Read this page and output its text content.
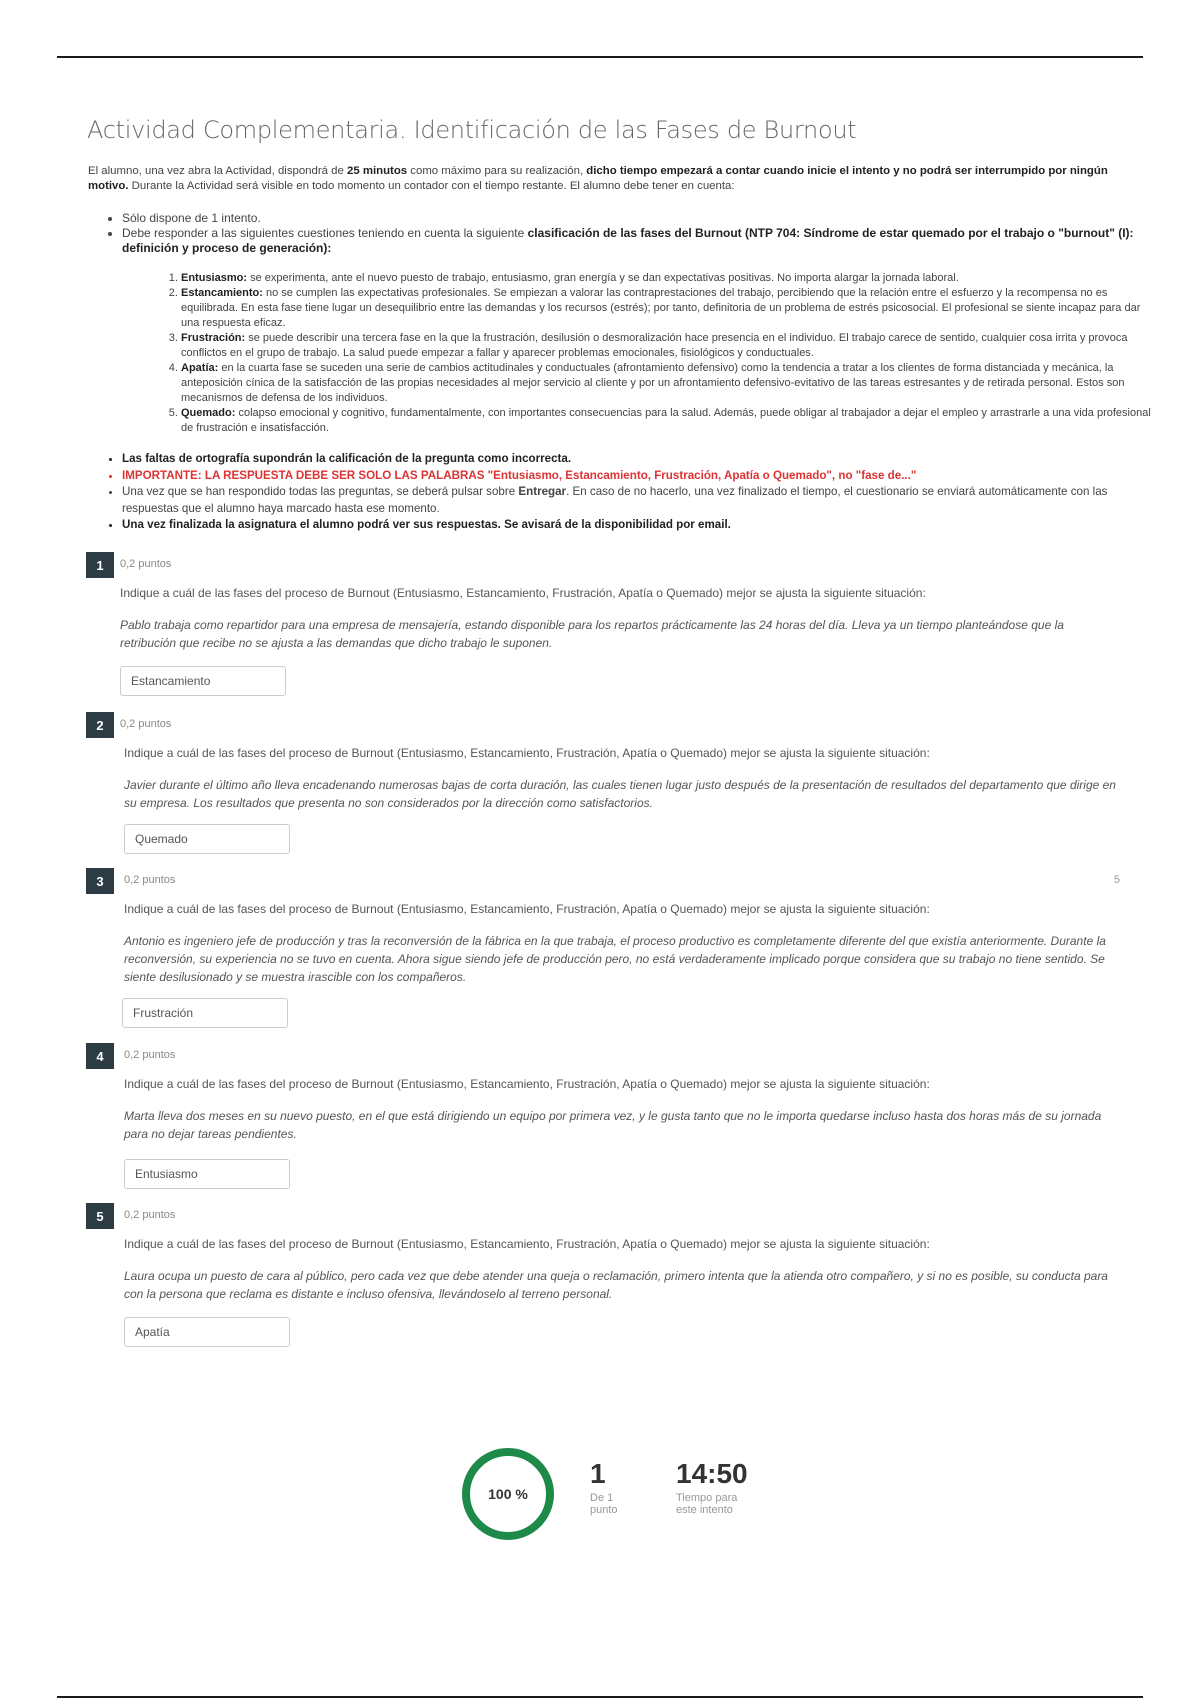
Actividad Complementaria. Identificación de las Fases de Burnout
El alumno, una vez abra la Actividad, dispondrá de 25 minutos como máximo para su realización, dicho tiempo empezará a contar cuando inicie el intento y no podrá ser interrumpido por ningún motivo. Durante la Actividad será visible en todo momento un contador con el tiempo restante. El alumno debe tener en cuenta:
• Sólo dispone de 1 intento.
• Debe responder a las siguientes cuestiones teniendo en cuenta la siguiente clasificación de las fases del Burnout (NTP 704: Síndrome de estar quemado por el trabajo o "burnout" (I): definición y proceso de generación):
1. Entusiasmo: se experimenta, ante el nuevo puesto de trabajo, entusiasmo, gran energía y se dan expectativas positivas. No importa alargar la jornada laboral.
2. Estancamiento: no se cumplen las expectativas profesionales. Se empiezan a valorar las contraprestaciones del trabajo, percibiendo que la relación entre el esfuerzo y la recompensa no es equilibrada. En esta fase tiene lugar un desequilibrio entre las demandas y los recursos (estrés); por tanto, definitoria de un problema de estrés psicosocial. El profesional se siente incapaz para dar una respuesta eficaz.
3. Frustración: se puede describir una tercera fase en la que la frustración, desilusión o desmoralización hace presencia en el individuo. El trabajo carece de sentido, cualquier cosa irrita y provoca conflictos en el grupo de trabajo. La salud puede empezar a fallar y aparecer problemas emocionales, fisiológicos y conductuales.
4. Apatía: en la cuarta fase se suceden una serie de cambios actitudinales y conductuales (afrontamiento defensivo) como la tendencia a tratar a los clientes de forma distanciada y mecánica, la anteposición cínica de la satisfacción de las propias necesidades al mejor servicio al cliente y por un afrontamiento defensivo-evitativo de las tareas estresantes y de retirada personal. Estos son mecanismos de defensa de los individuos.
5. Quemado: colapso emocional y cognitivo, fundamentalmente, con importantes consecuencias para la salud. Además, puede obligar al trabajador a dejar el empleo y arrastrarle a una vida profesional de frustración e insatisfacción.
• Las faltas de ortografía supondrán la calificación de la pregunta como incorrecta.
• IMPORTANTE: LA RESPUESTA DEBE SER SOLO LAS PALABRAS "Entusiasmo, Estancamiento, Frustración, Apatía o Quemado", no "fase de..."
• Una vez que se han respondido todas las preguntas, se deberá pulsar sobre Entregar. En caso de no hacerlo, una vez finalizado el tiempo, el cuestionario se enviará automáticamente con las respuestas que el alumno haya marcado hasta ese momento.
• Una vez finalizada la asignatura el alumno podrá ver sus respuestas. Se avisará de la disponibilidad por email.
1	0,2 puntos
Indique a cuál de las fases del proceso de Burnout (Entusiasmo, Estancamiento, Frustración, Apatía o Quemado) mejor se ajusta la siguiente situación:
Pablo trabaja como repartidor para una empresa de mensajería, estando disponible para los repartos prácticamente las 24 horas del día. Lleva ya un tiempo planteándose que la retribución que recibe no se ajusta a las demandas que dicho trabajo le suponen.
Estancamiento
2	0,2 puntos
Indique a cuál de las fases del proceso de Burnout (Entusiasmo, Estancamiento, Frustración, Apatía o Quemado) mejor se ajusta la siguiente situación:
Javier durante el último año lleva encadenando numerosas bajas de corta duración, las cuales tienen lugar justo después de la presentación de resultados del departamento que dirige en su empresa. Los resultados que presenta no son considerados por la dirección como satisfactorios.
Quemado
3	0,2 puntos	5
Indique a cuál de las fases del proceso de Burnout (Entusiasmo, Estancamiento, Frustración, Apatía o Quemado) mejor se ajusta la siguiente situación:
Antonio es ingeniero jefe de producción y tras la reconversión de la fábrica en la que trabaja, el proceso productivo es completamente diferente del que existía anteriormente. Durante la reconversión, su experiencia no se tuvo en cuenta. Ahora sigue siendo jefe de producción pero, no está verdaderamente implicado porque considera que su trabajo no tiene sentido. Se siente desilusionado y se muestra irascible con los compañeros.
Frustración
4	0,2 puntos
Indique a cuál de las fases del proceso de Burnout (Entusiasmo, Estancamiento, Frustración, Apatía o Quemado) mejor se ajusta la siguiente situación:
Marta lleva dos meses en su nuevo puesto, en el que está dirigiendo un equipo por primera vez, y le gusta tanto que no le importa quedarse incluso hasta dos horas más de su jornada para no dejar tareas pendientes.
Entusiasmo
5	0,2 puntos
Indique a cuál de las fases del proceso de Burnout (Entusiasmo, Estancamiento, Frustración, Apatía o Quemado) mejor se ajusta la siguiente situación:
Laura ocupa un puesto de cara al público, pero cada vez que debe atender una queja o reclamación, primero intenta que la atienda otro compañero, y si no es posible, su conducta para con la persona que reclama es distante e incluso ofensiva, llevándoselo al terreno personal.
Apatía
100 %
1
De 1 punto
14:50
Tiempo para este intento
